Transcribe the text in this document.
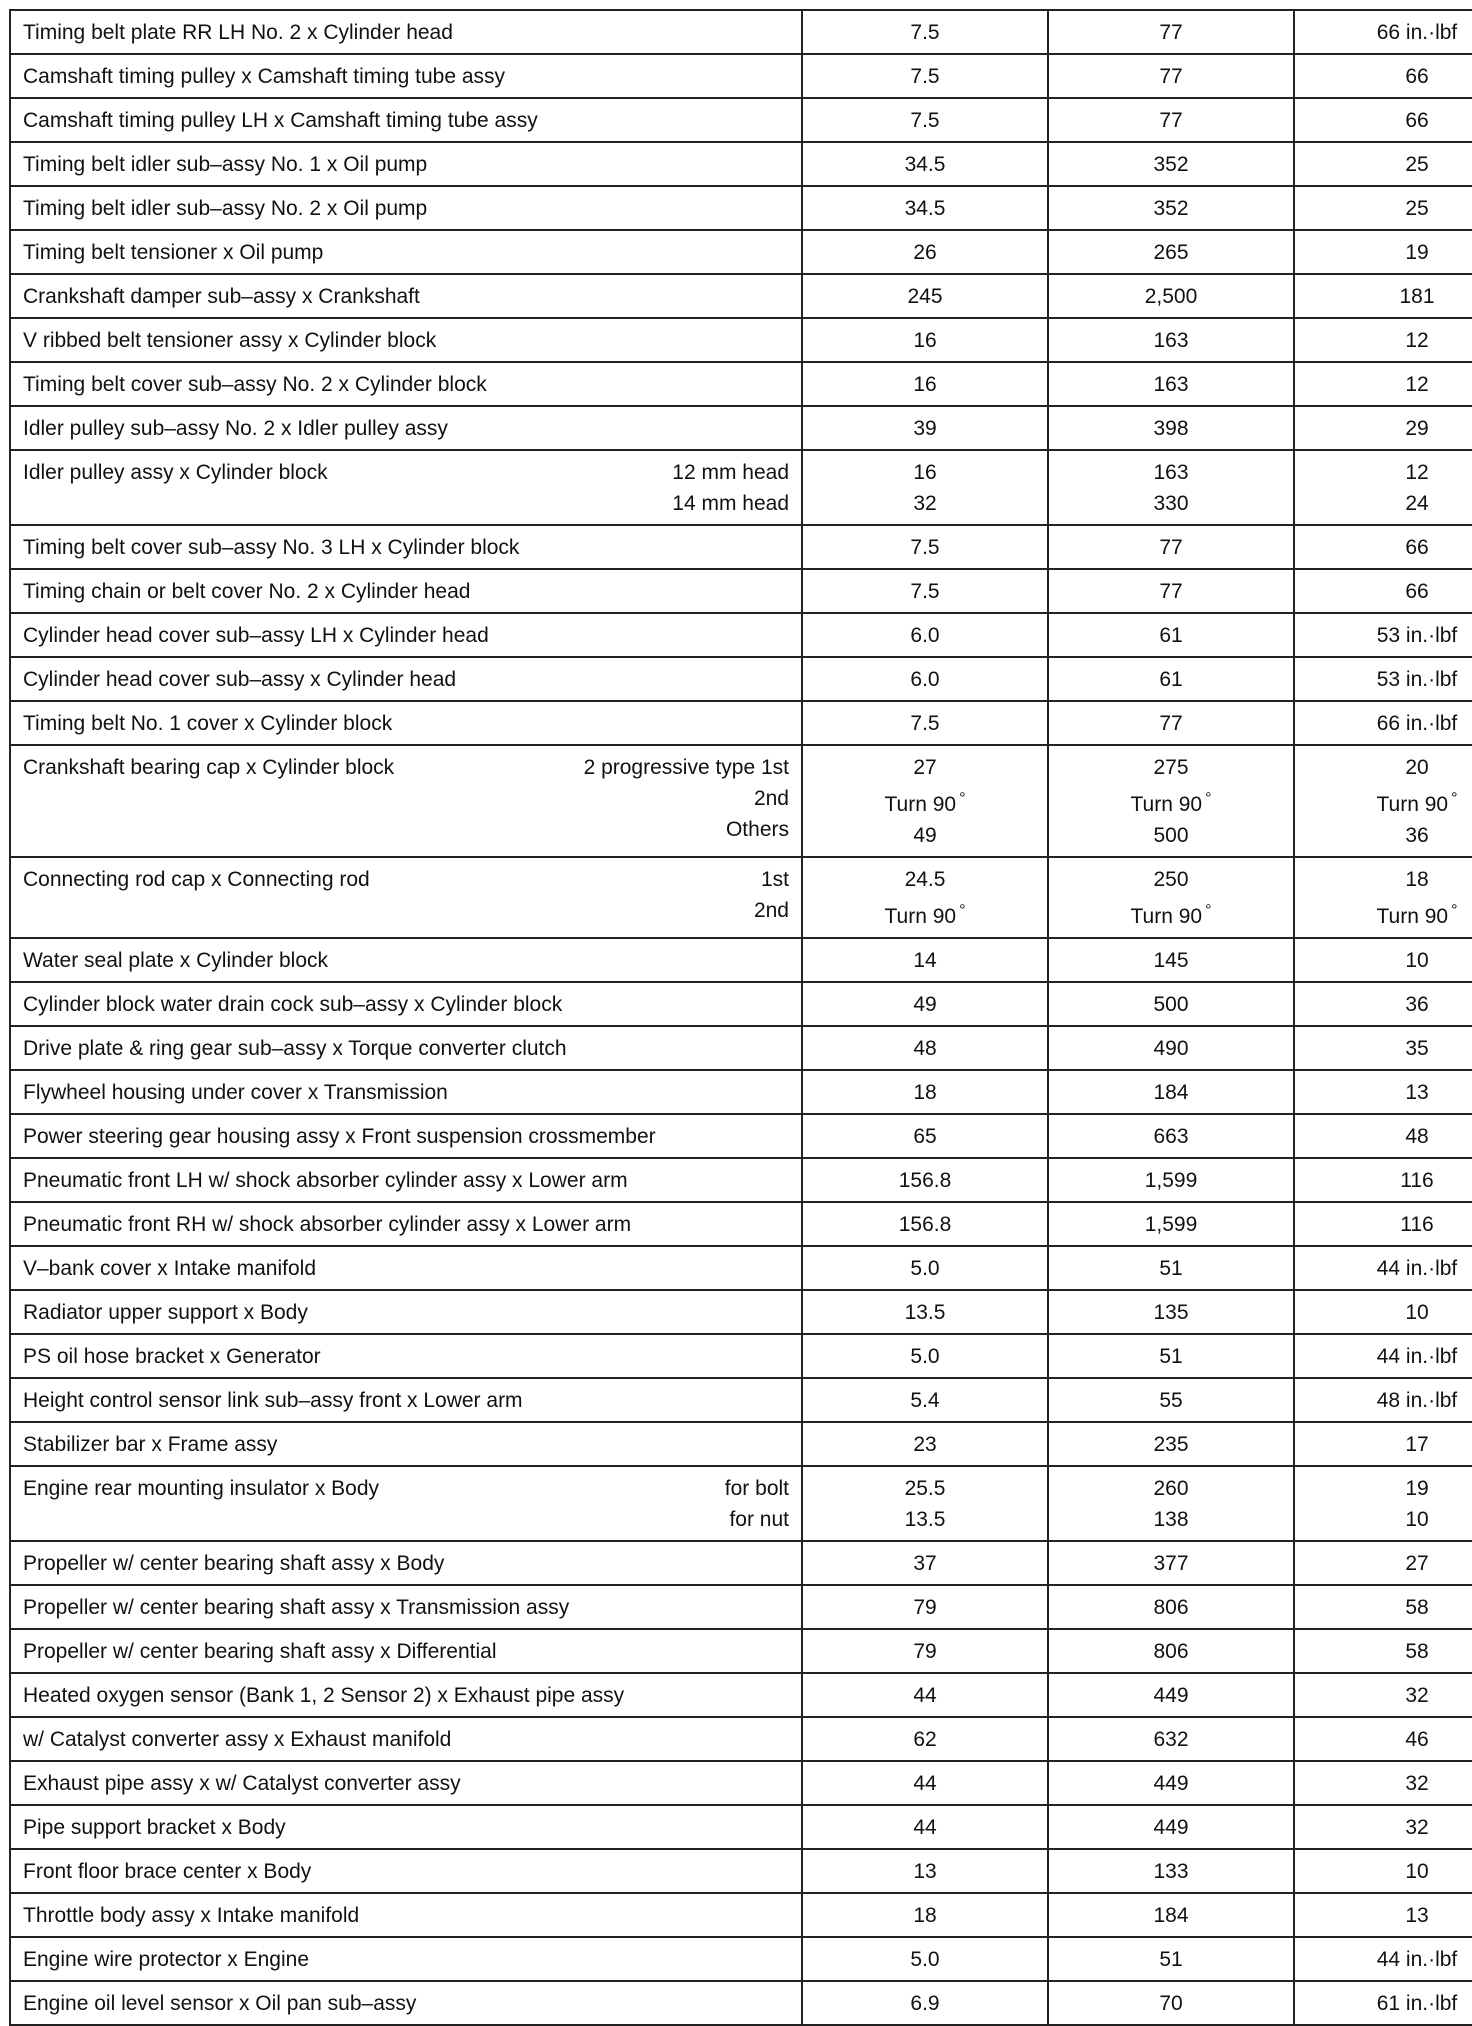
Timing belt plate RR LH No. 2 x Cylinder head	7.5	77	66 in.·lbf

Camshaft timing pulley x Camshaft timing tube assy	7.5	77	66

Camshaft timing pulley LH x Camshaft timing tube assy	7.5	77	66

Timing belt idler sub–assy No. 1 x Oil pump	34.5	352	25

Timing belt idler sub–assy No. 2 x Oil pump	34.5	352	25

Timing belt tensioner x Oil pump	26	265	19

Crankshaft damper sub–assy x Crankshaft	245	2,500	181

V ribbed belt tensioner assy x Cylinder block	16	163	12

Timing belt cover sub–assy No. 2 x Cylinder block	16	163	12

Idler pulley sub–assy No. 2 x Idler pulley assy	39	398	29

Idler pulley assy x Cylinder block 12 mm head
14 mm head	16
32	163
330	12
24

Timing belt cover sub–assy No. 3 LH x Cylinder block	7.5	77	66

Timing chain or belt cover No. 2 x Cylinder head	7.5	77	66

Cylinder head cover sub–assy LH x Cylinder head	6.0	61	53 in.·lbf

Cylinder head cover sub–assy x Cylinder head	6.0	61	53 in.·lbf

Timing belt No. 1 cover x Cylinder block	7.5	77	66 in.·lbf

Crankshaft bearing cap x Cylinder block 2 progressive type 1st
2nd
Others	27
Turn 90 °
49	275
Turn 90 °
500	20
Turn 90 °
36

Connecting rod cap x Connecting rod 1st
2nd	24.5
Turn 90 °	250
Turn 90 °	18
Turn 90 °

Water seal plate x Cylinder block	14	145	10

Cylinder block water drain cock sub–assy x Cylinder block	49	500	36

Drive plate & ring gear sub–assy x Torque converter clutch	48	490	35

Flywheel housing under cover x Transmission	18	184	13

Power steering gear housing assy x Front suspension crossmember	65	663	48

Pneumatic front LH w/ shock absorber cylinder assy x Lower arm	156.8	1,599	116

Pneumatic front RH w/ shock absorber cylinder assy x Lower arm	156.8	1,599	116

V–bank cover x Intake manifold	5.0	51	44 in.·lbf

Radiator upper support x Body	13.5	135	10

PS oil hose bracket x Generator	5.0	51	44 in.·lbf

Height control sensor link sub–assy front x Lower arm	5.4	55	48 in.·lbf

Stabilizer bar x Frame assy	23	235	17

Engine rear mounting insulator x Body for bolt
for nut	25.5
13.5	260
138	19
10

Propeller w/ center bearing shaft assy x Body	37	377	27

Propeller w/ center bearing shaft assy x Transmission assy	79	806	58

Propeller w/ center bearing shaft assy x Differential	79	806	58

Heated oxygen sensor (Bank 1, 2 Sensor 2) x Exhaust pipe assy	44	449	32

w/ Catalyst converter assy x Exhaust manifold	62	632	46

Exhaust pipe assy x w/ Catalyst converter assy	44	449	32

Pipe support bracket x Body	44	449	32

Front floor brace center x Body	13	133	10

Throttle body assy x Intake manifold	18	184	13

Engine wire protector x Engine	5.0	51	44 in.·lbf

Engine oil level sensor x Oil pan sub–assy	6.9	70	61 in.·lbf
